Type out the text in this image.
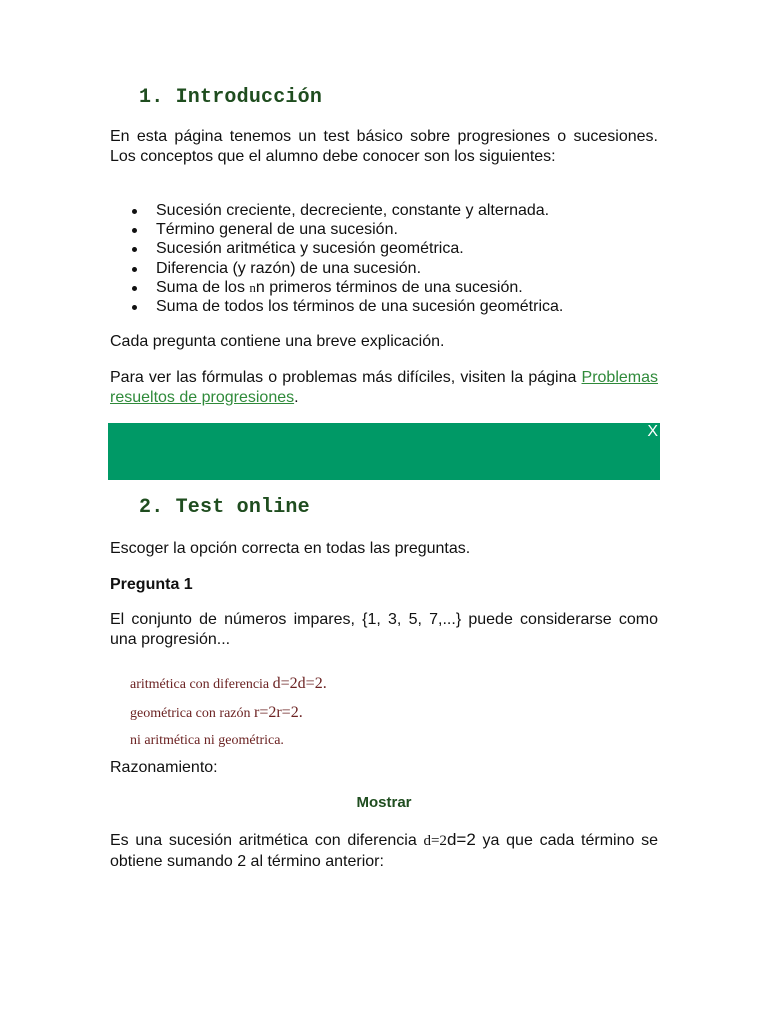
1. Introducción

En esta página tenemos un test básico sobre progresiones o sucesiones. Los conceptos que el alumno debe conocer son los siguientes:

Sucesión creciente, decreciente, constante y alternada.
Término general de una sucesión.
Sucesión aritmética y sucesión geométrica.
Diferencia (y razón) de una sucesión.
Suma de los nn primeros términos de una sucesión.
Suma de todos los términos de una sucesión geométrica.

Cada pregunta contiene una breve explicación.

Para ver las fórmulas o problemas más difíciles, visiten la página Problemas resueltos de progresiones.

X
2. Test online

Escoger la opción correcta en todas las preguntas.

Pregunta 1

El conjunto de números impares, {1, 3, 5, 7,...} puede considerarse como una progresión...

aritmética con diferencia d=2d=2.
geométrica con razón r=2r=2.
ni aritmética ni geométrica.

Razonamiento:

Mostrar

Es una sucesión aritmética con diferencia d=2d=2 ya que cada término se obtiene sumando 2 al término anterior:
